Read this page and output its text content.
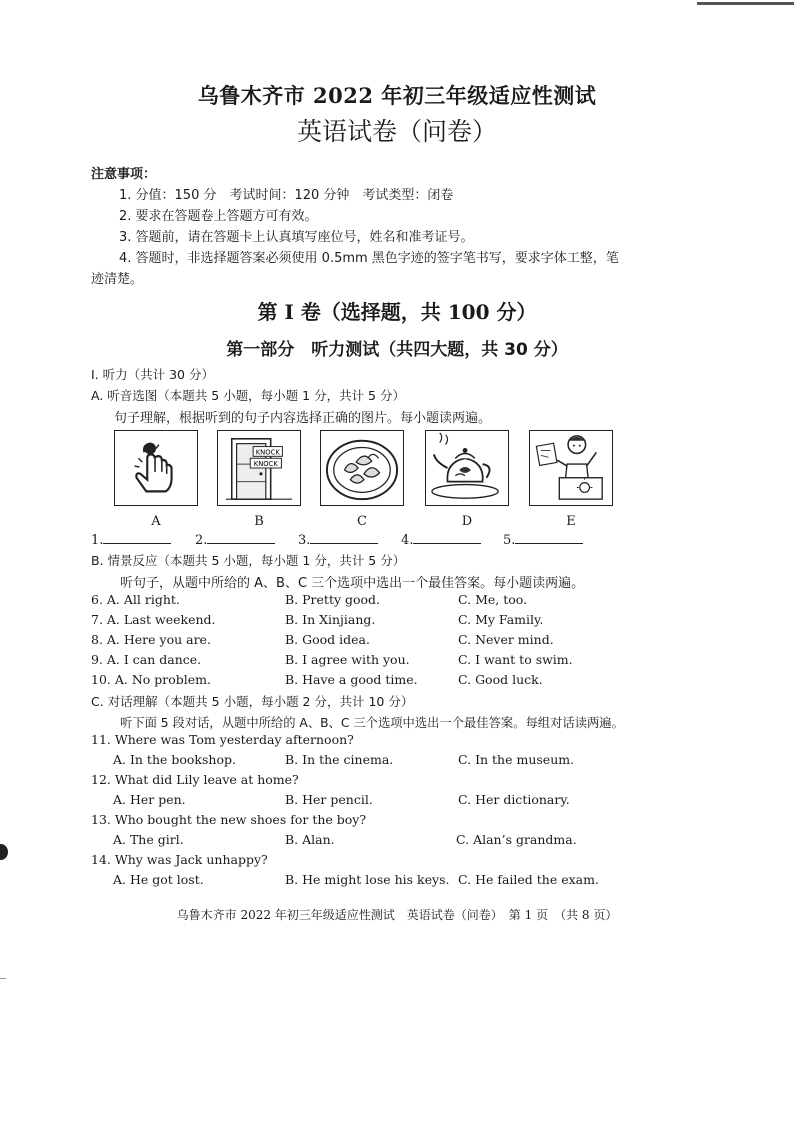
乌鲁木齐市 2022 年初三年级适应性测试
英语试卷（问卷）
注意事项：
1. 分值：150 分　考试时间：120 分钟　考试类型：闭卷
2. 要求在答题卷上答题方可有效。
3. 答题前，请在答题卡上认真填写座位号，姓名和准考证号。
4. 答题时，非选择题答案必须使用 0.5mm 黑色字迹的签字笔书写，要求字体工整，笔
迹清楚。
第 I 卷（选择题，共 100 分）
第一部分　听力测试（共四大题，共 30 分）
I. 听力（共计 30 分）
A. 听音选图（本题共 5 小题，每小题 1 分，共计 5 分）
句子理解，根据听到的句子内容选择正确的图片。每小题读两遍。
A
KNOCK
KNOCK
B	C	D	E
1.	2.	3.	4.	5.
B. 情景反应（本题共 5 小题，每小题 1 分，共计 5 分）
听句子，从题中所给的 A、B、C 三个选项中选出一个最佳答案。每小题读两遍。
6. A. All right.	B. Pretty good.	C. Me, too.
7. A. Last weekend.	B. In Xinjiang.	C. My Family.
8. A. Here you are.	B. Good idea.	C. Never mind.
9. A. I can dance.	B. I agree with you.	C. I want to swim.
10. A. No problem.	B. Have a good time.	C. Good luck.
C. 对话理解（本题共 5 小题，每小题 2 分，共计 10 分）
听下面 5 段对话，从题中所给的 A、B、C 三个选项中选出一个最佳答案。每组对话读两遍。
11. Where was Tom yesterday afternoon?
A. In the bookshop.	B. In the cinema.	C. In the museum.
12. What did Lily leave at home?
A. Her pen.	B. Her pencil.	C. Her dictionary.
13. Who bought the new shoes for the boy?
A. The girl.	B. Alan.	C. Alan’s grandma.
14. Why was Jack unhappy?
A. He got lost.	B. He might lose his keys. C. He failed the exam.
乌鲁木齐市 2022 年初三年级适应性测试　英语试卷（问卷）　第 1 页　（共 8 页）
